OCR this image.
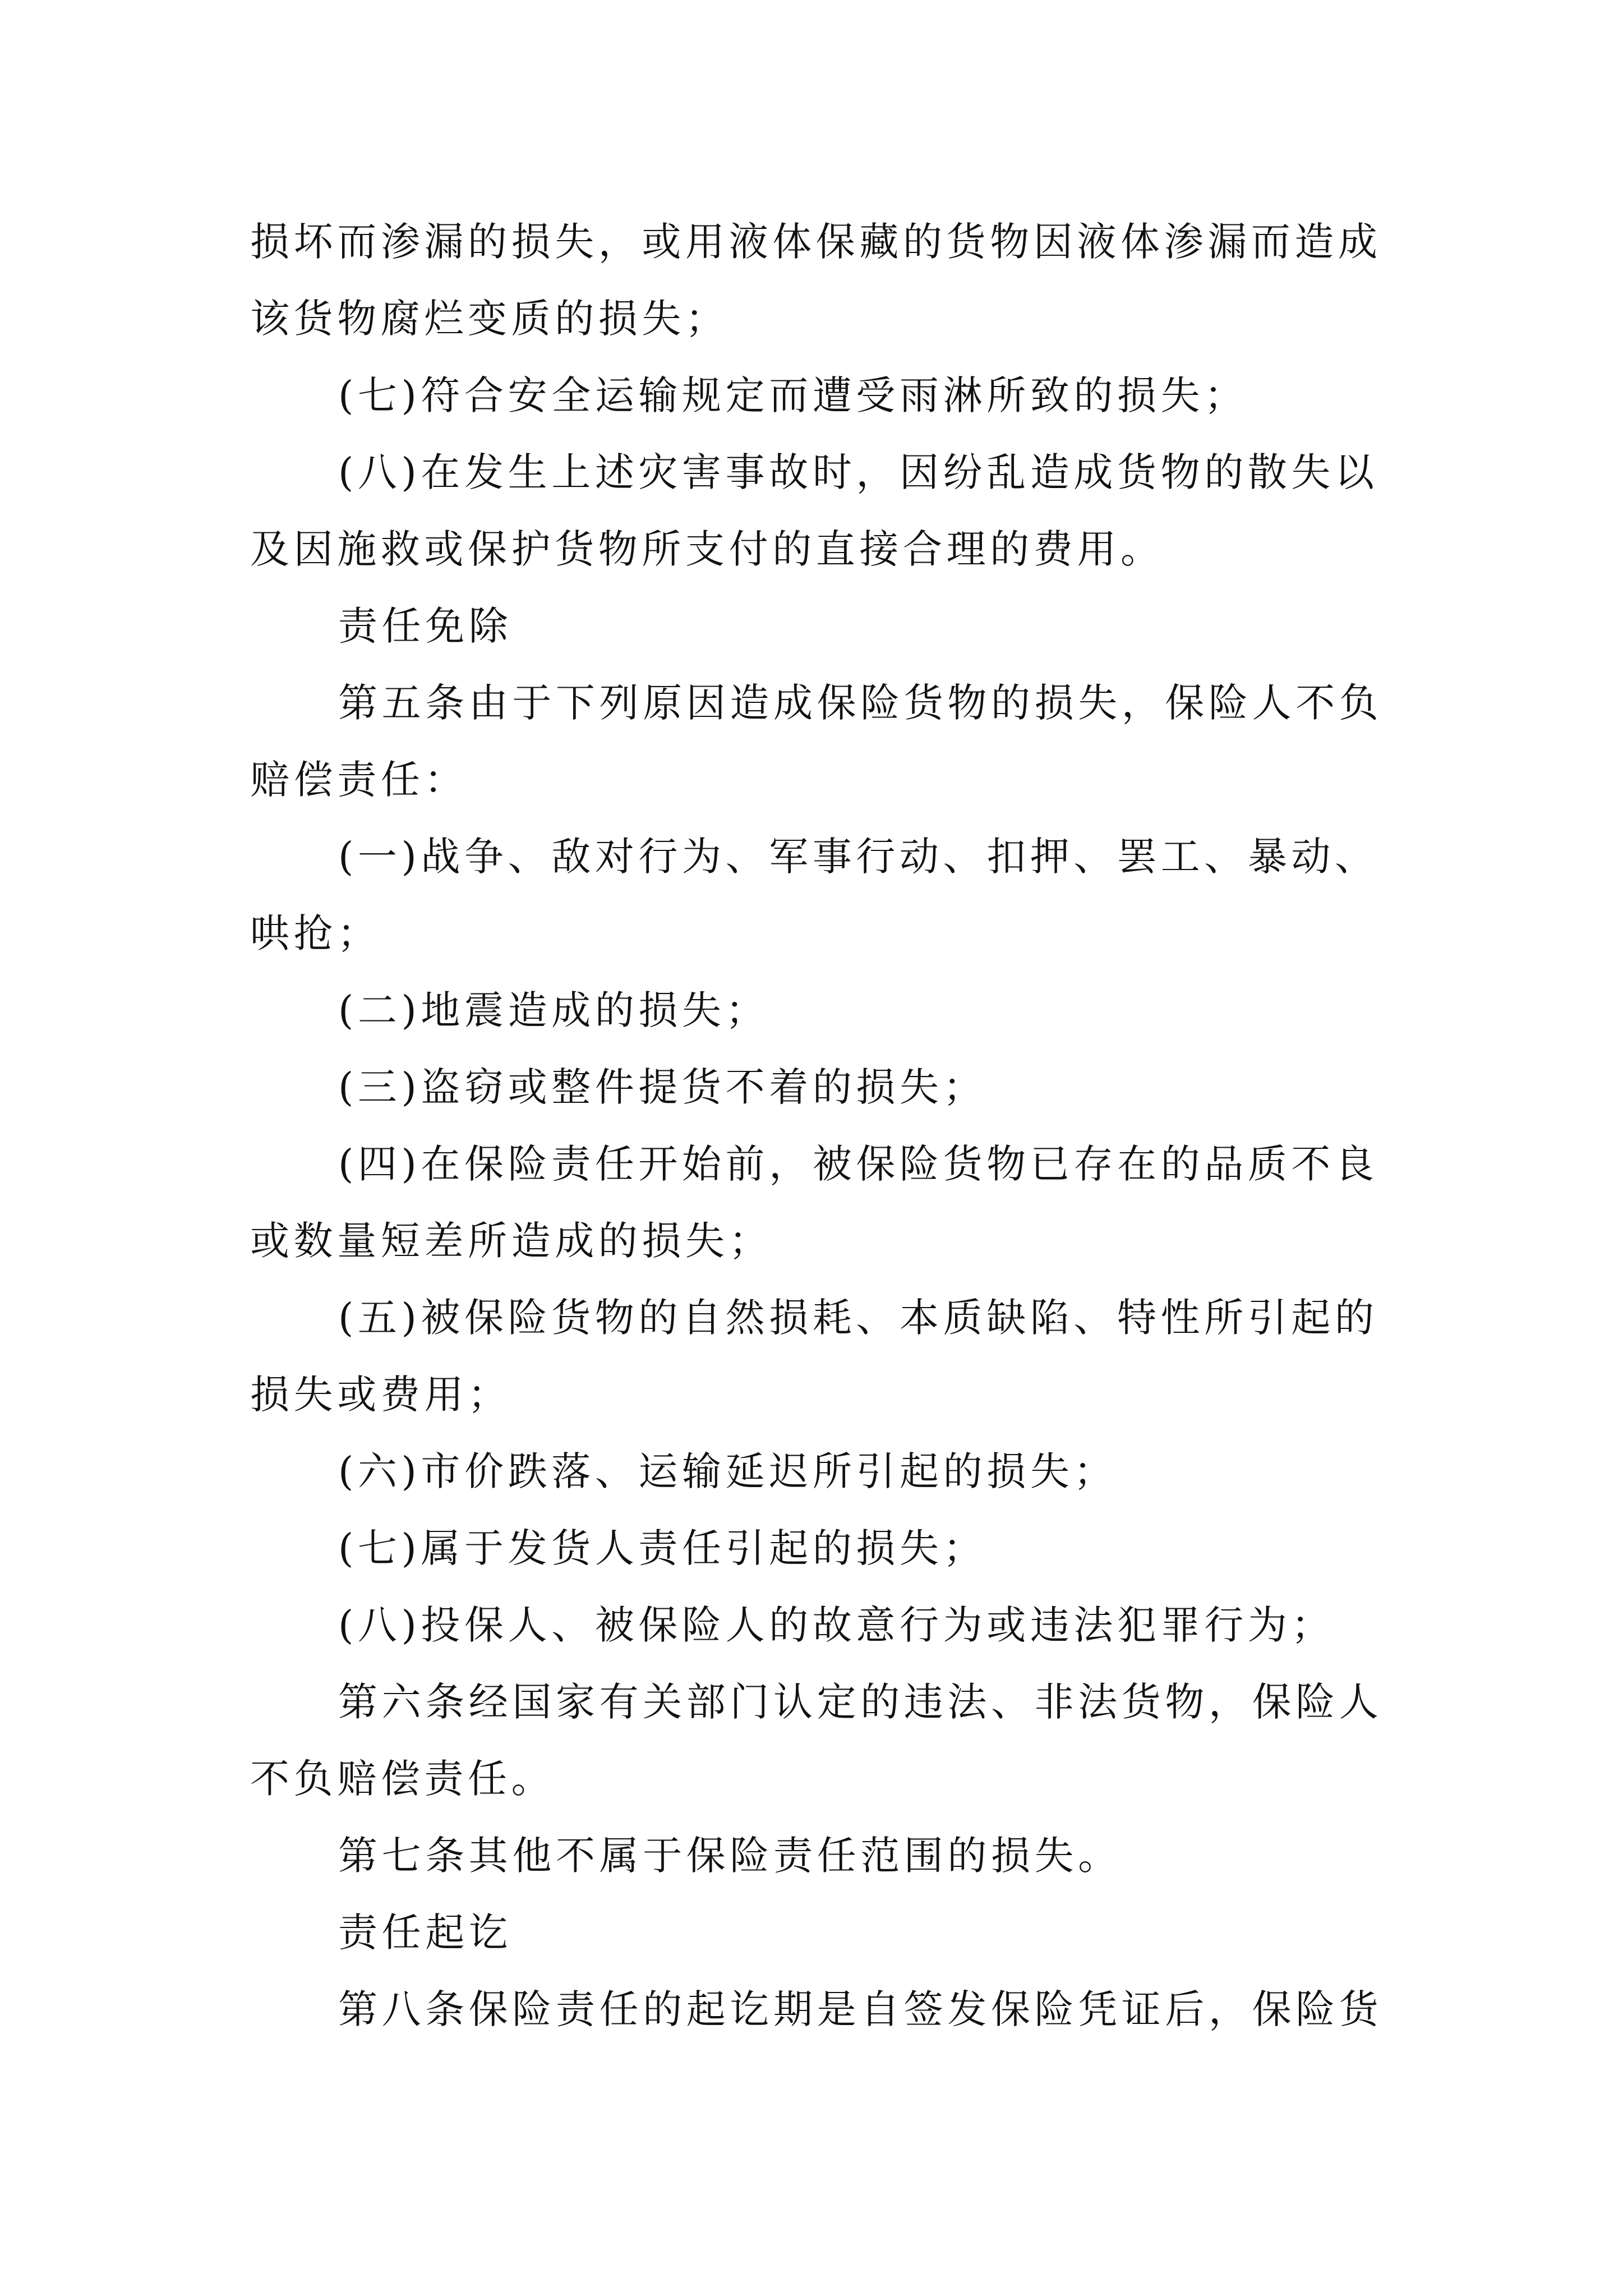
损坏而渗漏的损失，或用液体保藏的货物因液体渗漏而造成

该货物腐烂变质的损失；

(七)符合安全运输规定而遭受雨淋所致的损失；

(八)在发生上述灾害事故时，因纷乱造成货物的散失以

及因施救或保护货物所支付的直接合理的费用。

责任免除

第五条由于下列原因造成保险货物的损失，保险人不负

赔偿责任：

(一)战争、敌对行为、军事行动、扣押、罢工、暴动、

哄抢；

(二)地震造成的损失；

(三)盗窃或整件提货不着的损失；

(四)在保险责任开始前，被保险货物已存在的品质不良

或数量短差所造成的损失；

(五)被保险货物的自然损耗、本质缺陷、特性所引起的

损失或费用；

(六)市价跌落、运输延迟所引起的损失；

(七)属于发货人责任引起的损失；

(八)投保人、被保险人的故意行为或违法犯罪行为；

第六条经国家有关部门认定的违法、非法货物，保险人

不负赔偿责任。

第七条其他不属于保险责任范围的损失。

责任起讫

第八条保险责任的起讫期是自签发保险凭证后，保险货
